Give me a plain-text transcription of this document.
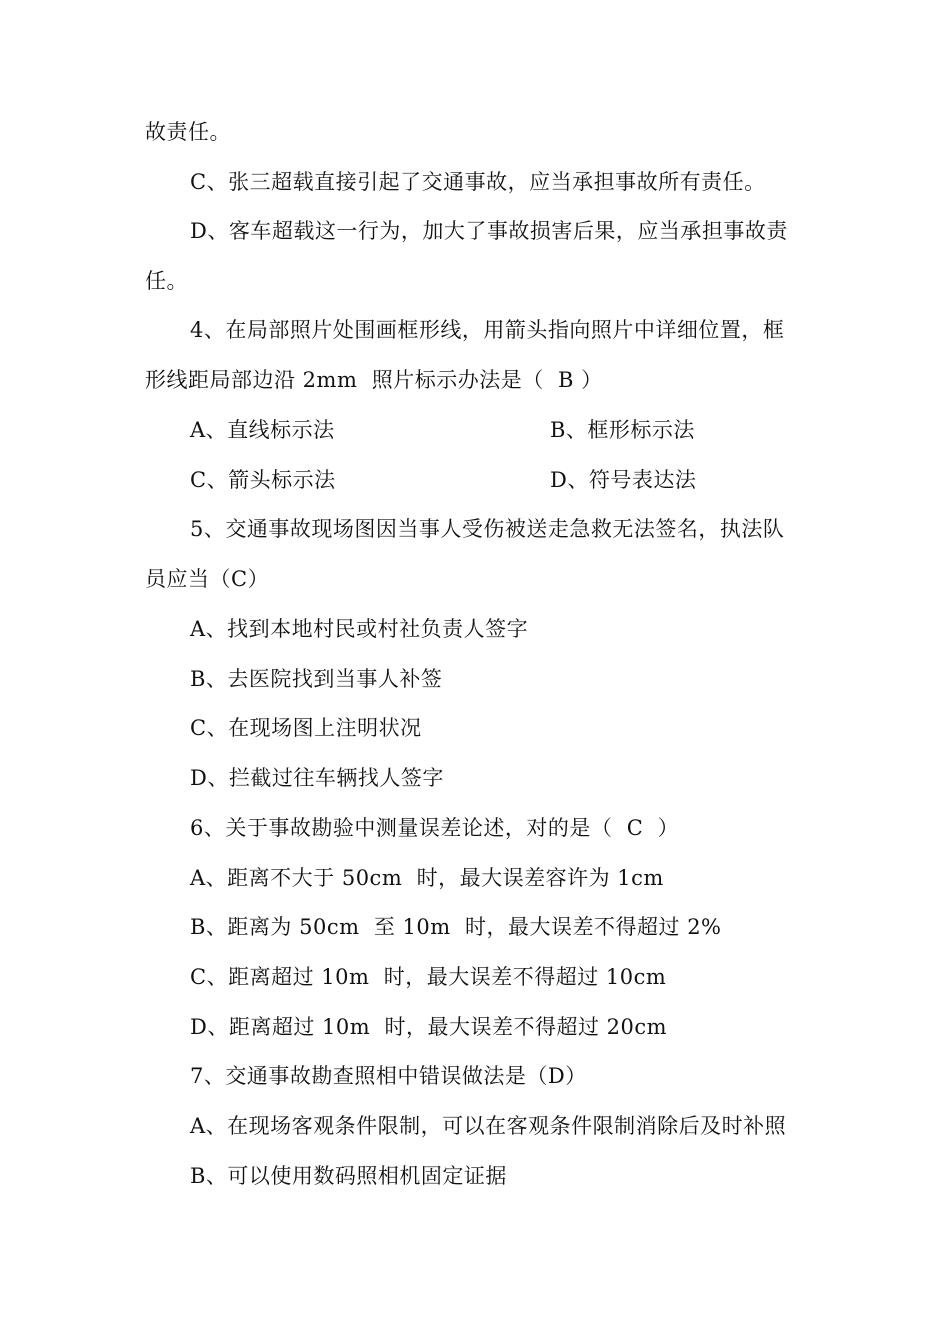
故责任。
C、张三超载直接引起了交通事故，应当承担事故所有责任。
D、客车超载这一行为，加大了事故损害后果，应当承担事故责
任。
4、在局部照片处围画框形线，用箭头指向照片中详细位置，框
形线距局部边沿 2mm  照片标示办法是（  B ）
A、直线标示法	B、框形标示法
C、箭头标示法	D、符号表达法
5、交通事故现场图因当事人受伤被送走急救无法签名，执法队
员应当（C）
A、找到本地村民或村社负责人签字
B、去医院找到当事人补签
C、在现场图上注明状况
D、拦截过往车辆找人签字
6、关于事故勘验中测量误差论述，对的是（  C  ）
A、距离不大于 50cm  时，最大误差容许为 1cm
B、距离为 50cm  至 10m  时，最大误差不得超过 2%
C、距离超过 10m  时，最大误差不得超过 10cm
D、距离超过 10m  时，最大误差不得超过 20cm
7、交通事故勘查照相中错误做法是（D）
A、在现场客观条件限制，可以在客观条件限制消除后及时补照
B、可以使用数码照相机固定证据
